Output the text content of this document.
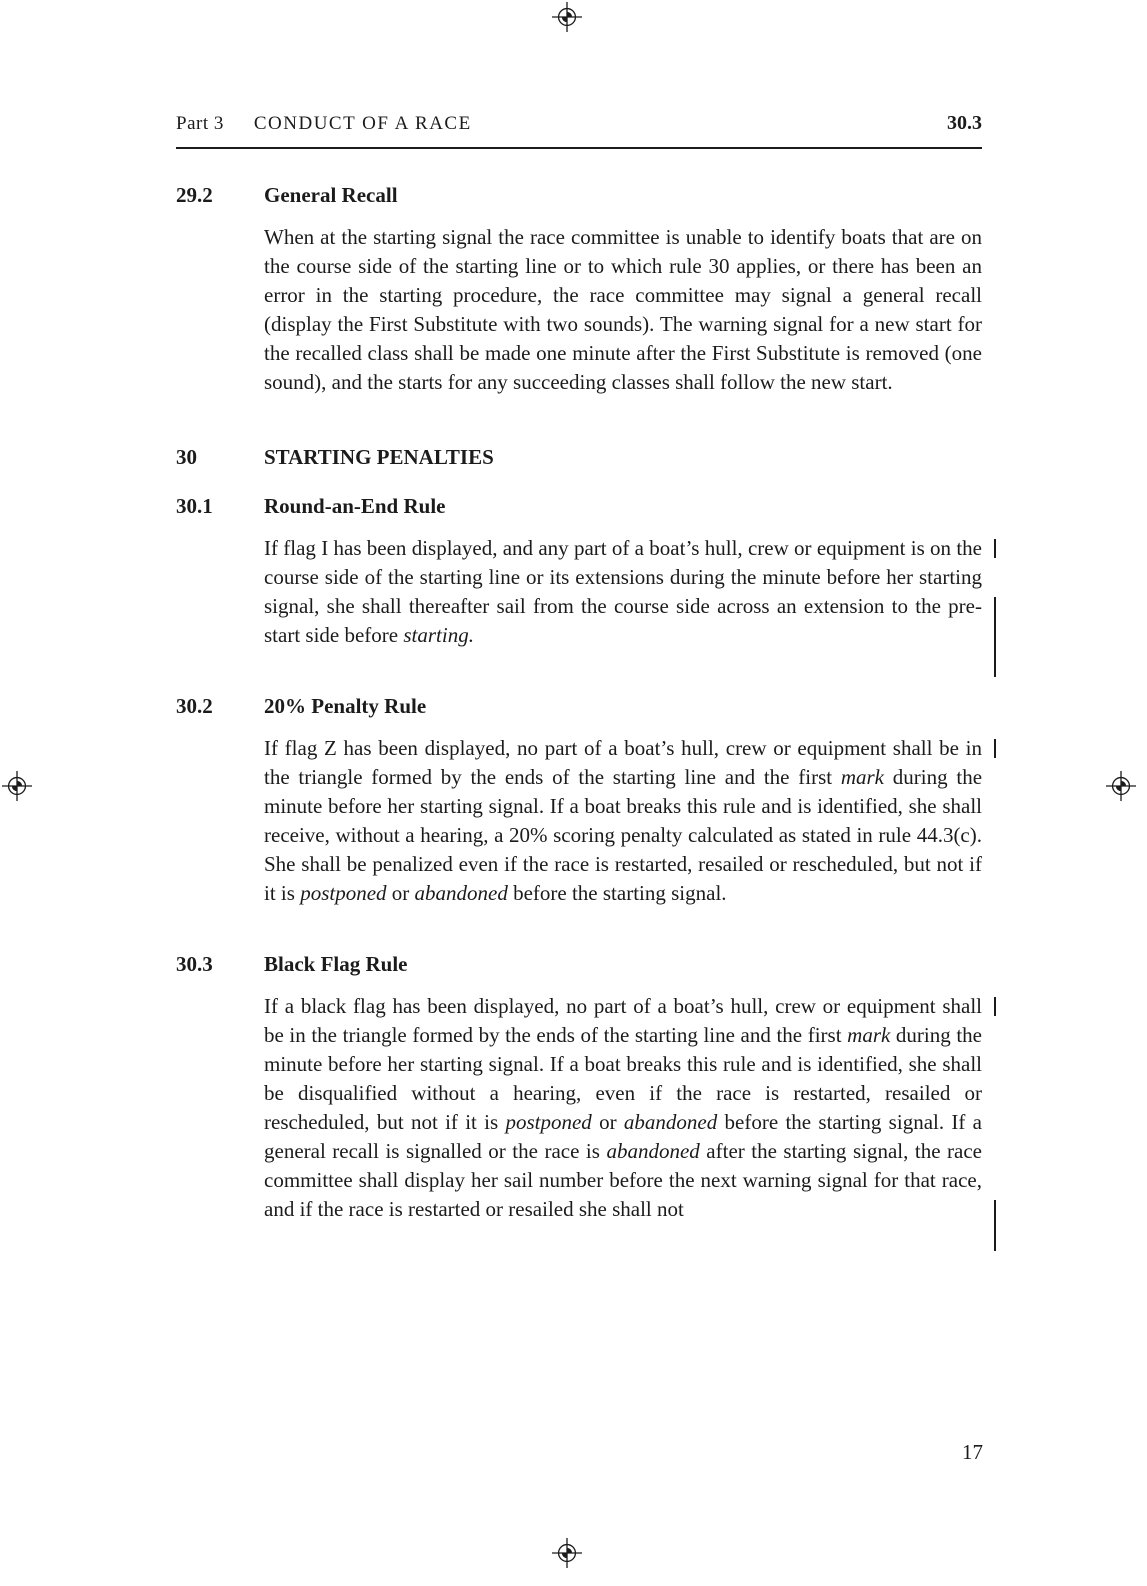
Part 3 CONDUCT OF A RACE	30.3
29.2	General Recall
When at the starting signal the race committee is unable to identify boats that are on the course side of the starting line or to which rule 30 applies, or there has been an error in the starting procedure, the race committee may signal a general recall (display the First Substitute with two sounds). The warning signal for a new start for the recalled class shall be made one minute after the First Substitute is removed (one sound), and the starts for any succeeding classes shall follow the new start.
30	STARTING PENALTIES
30.1	Round-an-End Rule
If flag I has been displayed, and any part of a boat’s hull, crew or equipment is on the course side of the starting line or its extensions during the minute before her starting signal, she shall thereafter sail from the course side across an extension to the pre-start side before starting.
30.2	20% Penalty Rule
If flag Z has been displayed, no part of a boat’s hull, crew or equipment shall be in the triangle formed by the ends of the starting line and the first mark during the minute before her starting signal. If a boat breaks this rule and is identified, she shall receive, without a hearing, a 20% scoring penalty calculated as stated in rule 44.3(c). She shall be penalized even if the race is restarted, resailed or rescheduled, but not if it is postponed or abandoned before the starting signal.
30.3	Black Flag Rule
If a black flag has been displayed, no part of a boat’s hull, crew or equipment shall be in the triangle formed by the ends of the starting line and the first mark during the minute before her starting signal. If a boat breaks this rule and is identified, she shall be disqualified without a hearing, even if the race is restarted, resailed or rescheduled, but not if it is postponed or abandoned before the starting signal. If a general recall is signalled or the race is abandoned after the starting signal, the race committee shall display her sail number before the next warning signal for that race, and if the race is restarted or resailed she shall not
17
